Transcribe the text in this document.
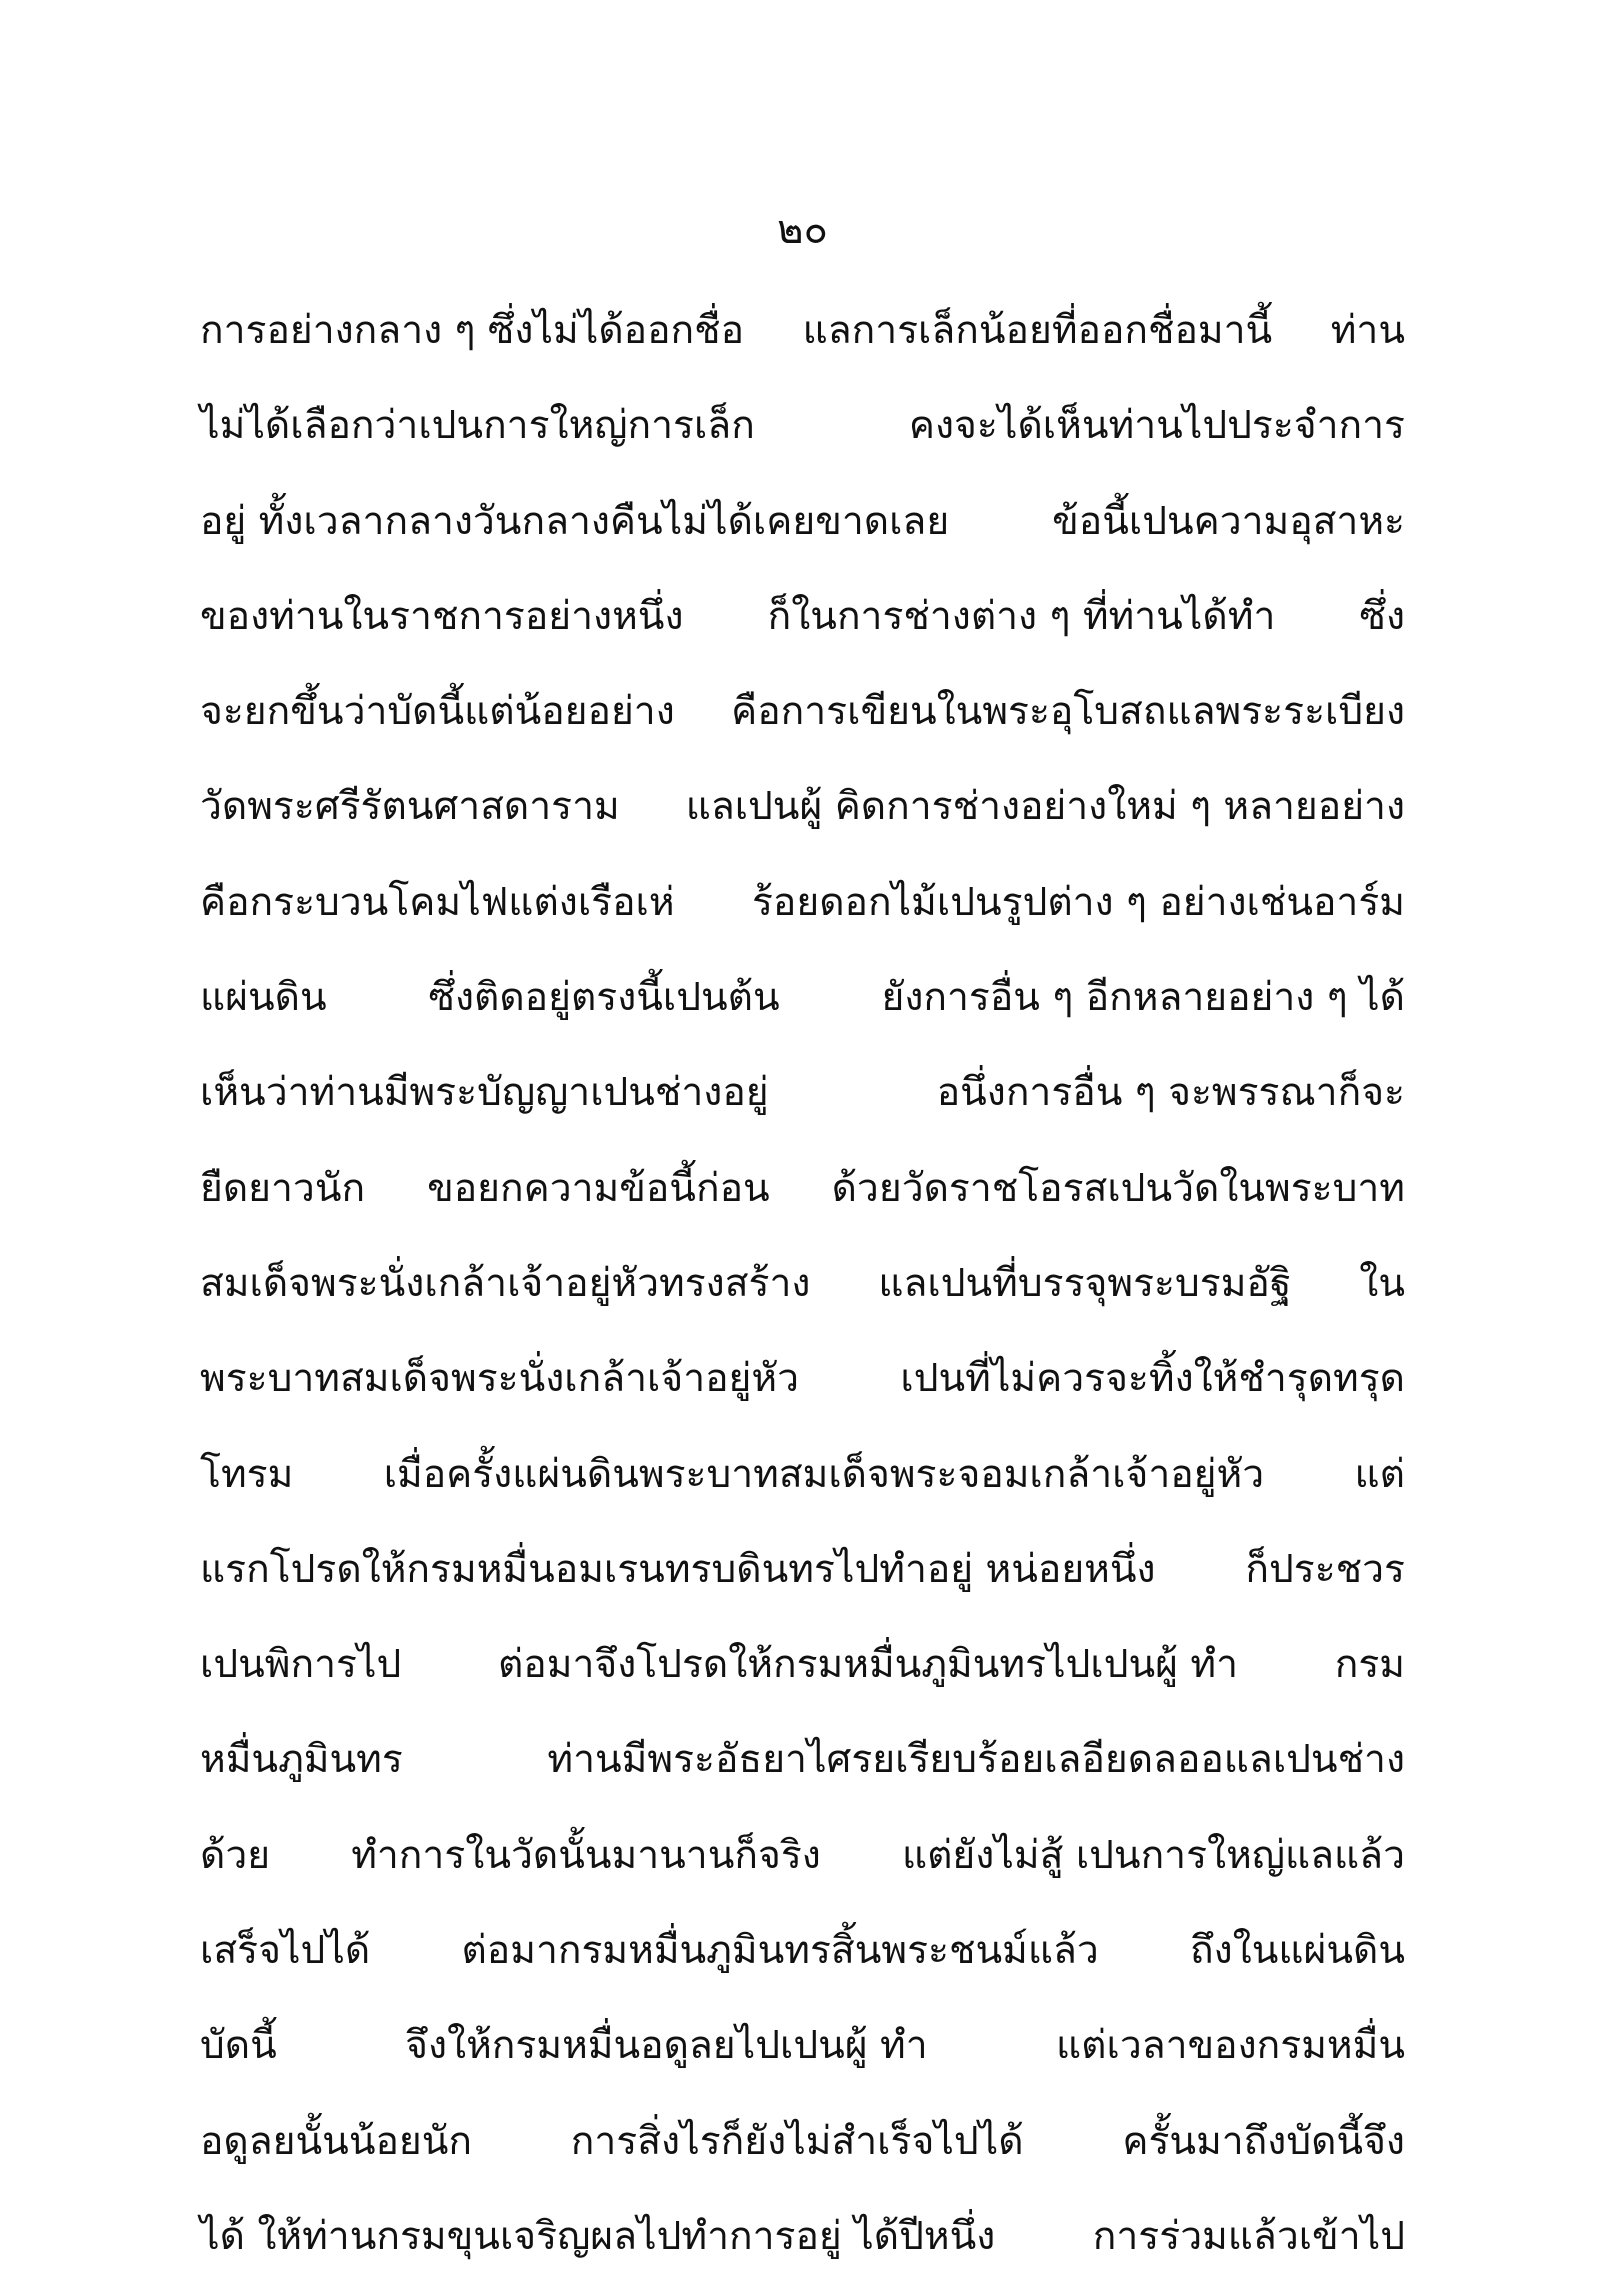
๒๐
การอย่างกลาง ๆ ซึ่งไม่ได้ออกชื่อ แลการเล็กน้อยที่ออกชื่อมานี้ ท่าน
ไม่ได้เลือกว่าเปนการใหญ่การเล็ก	คงจะได้เห็นท่านไปประจำการ
อยู่ ทั้งเวลากลางวันกลางคืนไม่ได้เคยขาดเลย	ข้อนี้เปนความอุสาหะ
ของท่านในราชการอย่างหนึ่ง ก็ในการช่างต่าง ๆ ที่ท่านได้ทำ ซึ่ง
จะยกขึ้นว่าบัดนี้แต่น้อยอย่าง คือการเขียนในพระอุโบสถแลพระระเบียง
วัดพระศรีรัตนศาสดาราม แลเปนผู้ คิดการช่างอย่างใหม่ ๆ หลายอย่าง
คือกระบวนโคมไฟแต่งเรือเห่ ร้อยดอกไม้เปนรูปต่าง ๆ อย่างเช่นอาร์ม
แผ่นดิน	ซึ่งติดอยู่ตรงนี้เปนต้น	ยังการอื่น ๆ อีกหลายอย่าง ๆ ได้
เห็นว่าท่านมีพระบัญญาเปนช่างอยู่	อนึ่งการอื่น ๆ จะพรรณาก็จะ
ยืดยาวนัก ขอยกความข้อนี้ก่อน ด้วยวัดราชโอรสเปนวัดในพระบาท
สมเด็จพระนั่งเกล้าเจ้าอยู่หัวทรงสร้าง แลเปนที่บรรจุพระบรมอัฐิ ใน
พระบาทสมเด็จพระนั่งเกล้าเจ้าอยู่หัว	เปนที่ไม่ควรจะทิ้งให้ชำรุดทรุด
โทรม เมื่อครั้งแผ่นดินพระบาทสมเด็จพระจอมเกล้าเจ้าอยู่หัว แต่
แรกโปรดให้กรมหมื่นอมเรนทรบดินทรไปทำอยู่ หน่อยหนึ่ง ก็ประชวร
เปนพิการไป ต่อมาจึงโปรดให้กรมหมื่นภูมินทรไปเปนผู้ ทำ กรม
หมื่นภูมินทร	ท่านมีพระอัธยาไศรยเรียบร้อยเลอียดลออแลเปนช่าง
ด้วย ทำการในวัดนั้นมานานก็จริง แต่ยังไม่สู้ เปนการใหญ่แลแล้ว
เสร็จไปได้ ต่อมากรมหมื่นภูมินทรสิ้นพระชนม์แล้ว ถึงในแผ่นดิน
บัดนี้	จึงให้กรมหมื่นอดูลยไปเปนผู้ ทำ	แต่เวลาของกรมหมื่น
อดูลยนั้นน้อยนัก	การสิ่งไรก็ยังไม่สำเร็จไปได้	ครั้นมาถึงบัดนี้จึง
ได้ ให้ท่านกรมขุนเจริญผลไปทำการอยู่ ได้ปีหนึ่ง	การร่วมแล้วเข้าไป
